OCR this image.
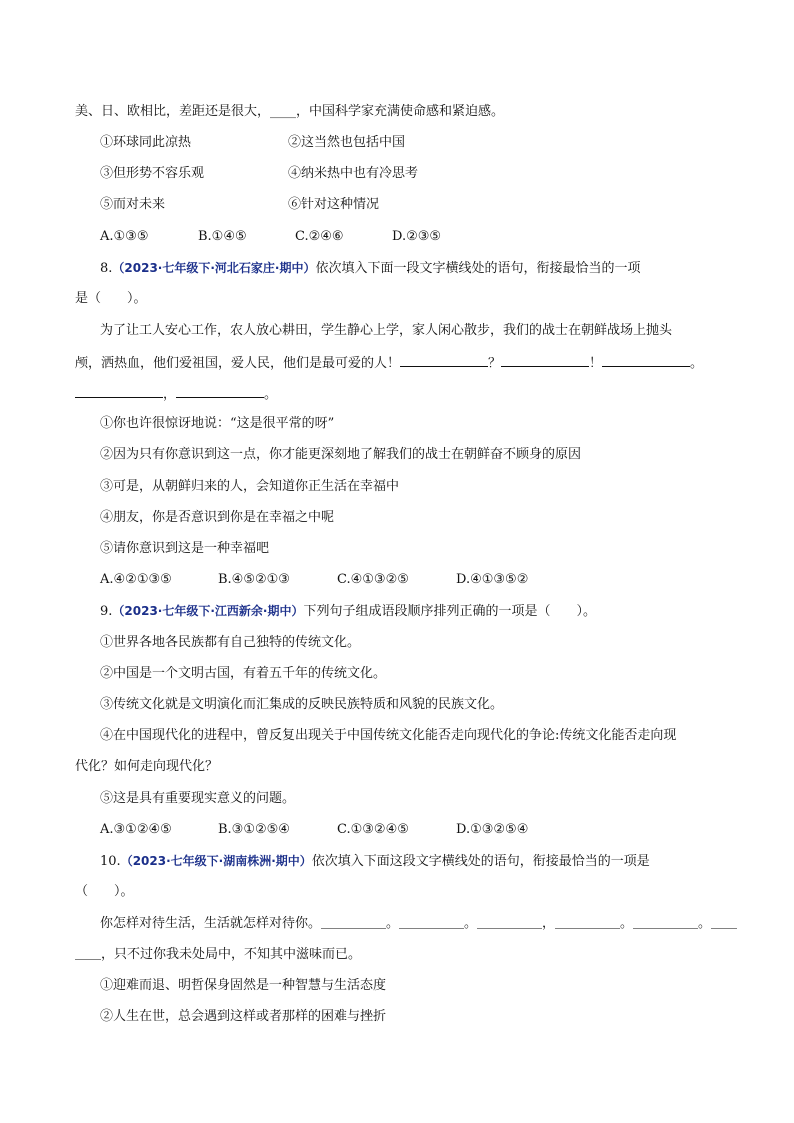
美、日、欧相比，差距还是很大，____，中国科学家充满使命感和紧迫感。
①环球同此凉热	②这当然也包括中国
③但形势不容乐观	④纳米热中也有冷思考
⑤而对未来	⑥针对这种情况
A.①③⑤	B.①④⑤	C.②④⑥	D.②③⑤
8.（2023·七年级下·河北石家庄·期中）依次填入下面一段文字横线处的语句，衔接最恰当的一项
是（　　）。
为了让工人安心工作，农人放心耕田，学生静心上学，家人闲心散步，我们的战士在朝鲜战场上抛头
颅，洒热血，他们爱祖国，爱人民，他们是最可爱的人！	？	！	。
，	。
①你也许很惊讶地说：“这是很平常的呀”
②因为只有你意识到这一点，你才能更深刻地了解我们的战士在朝鲜奋不顾身的原因
③可是，从朝鲜归来的人，会知道你正生活在幸福中
④朋友，你是否意识到你是在幸福之中呢
⑤请你意识到这是一种幸福吧
A.④②①③⑤	B.④⑤②①③	C.④①③②⑤	D.④①③⑤②
9.（2023·七年级下·江西新余·期中）下列句子组成语段顺序排列正确的一项是（　　）。
①世界各地各民族都有自己独特的传统文化。
②中国是一个文明古国，有着五千年的传统文化。
③传统文化就是文明演化而汇集成的反映民族特质和风貌的民族文化。
④在中国现代化的进程中，曾反复出现关于中国传统文化能否走向现代化的争论:传统文化能否走向现
代化？如何走向现代化？
⑤这是具有重要现实意义的问题。
A.③①②④⑤	B.③①②⑤④	C.①③②④⑤	D.①③②⑤④
10.（2023·七年级下·湖南株洲·期中）依次填入下面这段文字横线处的语句，衔接最恰当的一项是
（　　）。
你怎样对待生活，生活就怎样对待你。＿＿＿＿＿。＿＿＿＿＿。＿＿＿＿＿，＿＿＿＿＿。＿＿＿＿＿。＿＿
＿＿，只不过你我未处局中，不知其中滋味而已。
①迎难而退、明哲保身固然是一种智慧与生活态度
②人生在世，总会遇到这样或者那样的困难与挫折
